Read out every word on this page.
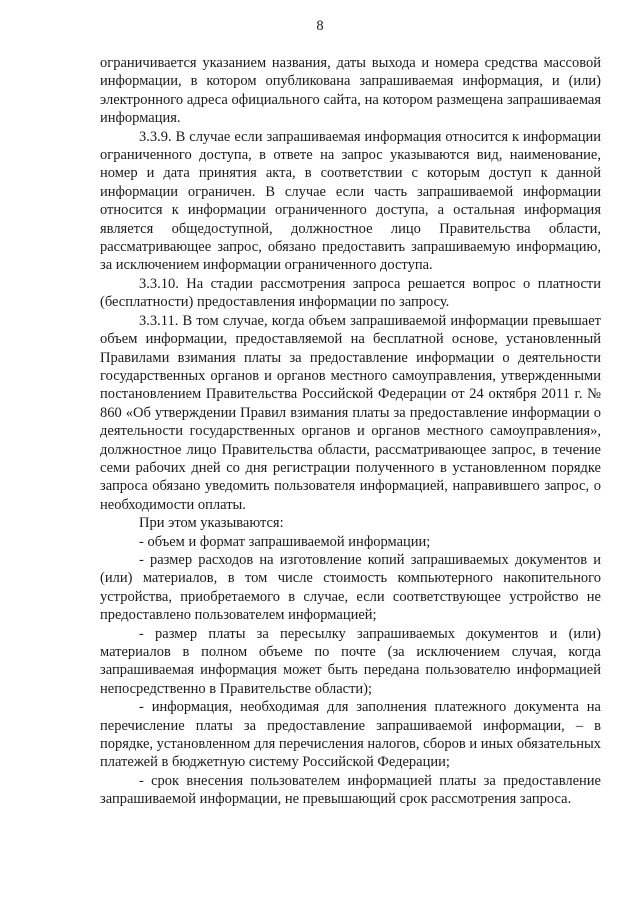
8

ограничивается указанием названия, даты выхода и номера средства массовой информации, в котором опубликована запрашиваемая информация, и (или) электронного адреса официального сайта, на котором размещена запрашиваемая информация.

3.3.9. В случае если запрашиваемая информация относится к информации ограниченного доступа, в ответе на запрос указываются вид, наименование, номер и дата принятия акта, в соответствии с которым доступ к данной информации ограничен. В случае если часть запрашиваемой информации относится к информации ограниченного доступа, а остальная информация является общедоступной, должностное лицо Правительства области, рассматривающее запрос, обязано предоставить запрашиваемую информацию, за исключением информации ограниченного доступа.

3.3.10. На стадии рассмотрения запроса решается вопрос о платности (бесплатности) предоставления информации по запросу.

3.3.11. В том случае, когда объем запрашиваемой информации превышает объем информации, предоставляемой на бесплатной основе, установленный Правилами взимания платы за предоставление информации о деятельности государственных органов и органов местного самоуправления, утвержденными постановлением Правительства Российской Федерации от 24 октября 2011 г. № 860 «Об утверждении Правил взимания платы за предоставление информации о деятельности государственных органов и органов местного самоуправления», должностное лицо Правительства области, рассматривающее запрос, в течение семи рабочих дней со дня регистрации полученного в установленном порядке запроса обязано уведомить пользователя информацией, направившего запрос, о необходимости оплаты.

При этом указываются:

- объем и формат запрашиваемой информации;

- размер расходов на изготовление копий запрашиваемых документов и (или) материалов, в том числе стоимость компьютерного накопительного устройства, приобретаемого в случае, если соответствующее устройство не предоставлено пользователем информацией;

- размер платы за пересылку запрашиваемых документов и (или) материалов в полном объеме по почте (за исключением случая, когда запрашиваемая информация может быть передана пользователю информацией непосредственно в Правительстве области);

- информация, необходимая для заполнения платежного документа на перечисление платы за предоставление запрашиваемой информации, – в порядке, установленном для перечисления налогов, сборов и иных обязательных платежей в бюджетную систему Российской Федерации;

- срок внесения пользователем информацией платы за предоставление запрашиваемой информации, не превышающий срок рассмотрения запроса.
